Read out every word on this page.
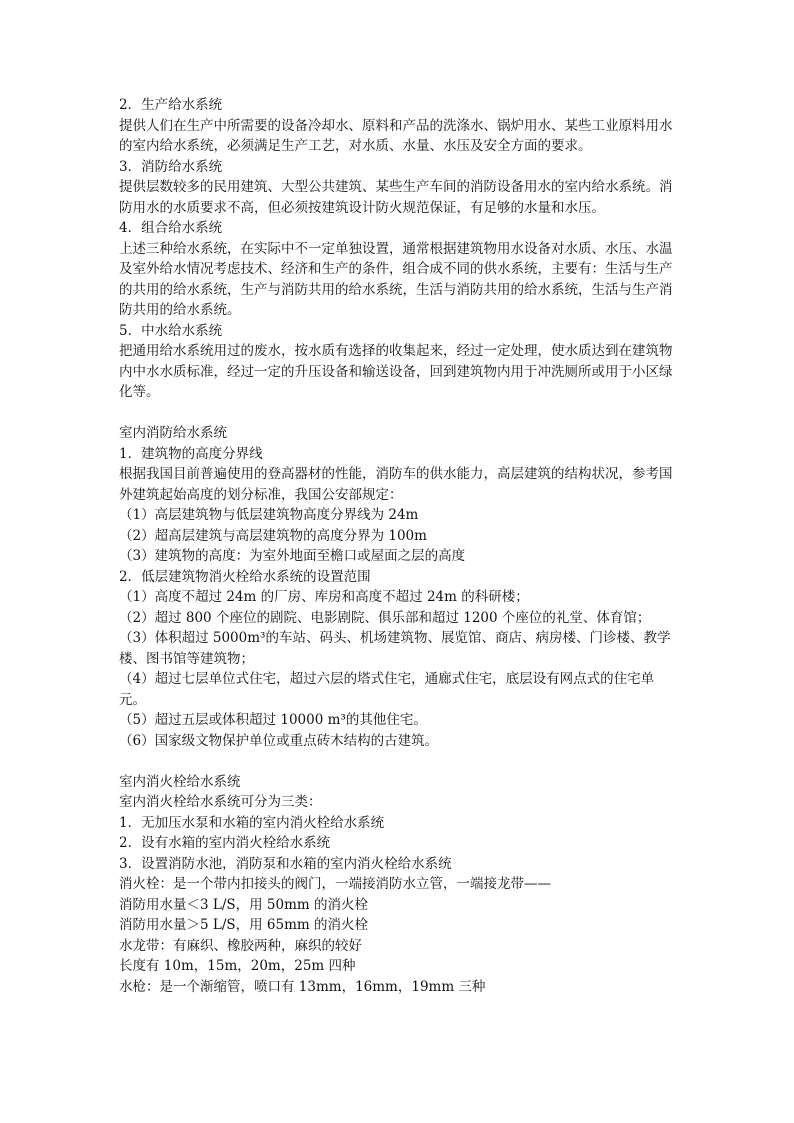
2．生产给水系统

提供人们在生产中所需要的设备冷却水、原料和产品的洗涤水、锅炉用水、某些工业原料用水的室内给水系统，必须满足生产工艺，对水质、水量、水压及安全方面的要求。

3．消防给水系统

提供层数较多的民用建筑、大型公共建筑、某些生产车间的消防设备用水的室内给水系统。消防用水的水质要求不高，但必须按建筑设计防火规范保证，有足够的水量和水压。

4．组合给水系统

上述三种给水系统，在实际中不一定单独设置，通常根据建筑物用水设备对水质、水压、水温及室外给水情况考虑技术、经济和生产的条件，组合成不同的供水系统，主要有：生活与生产的共用的给水系统，生产与消防共用的给水系统，生活与消防共用的给水系统，生活与生产消防共用的给水系统。

5．中水给水系统

把通用给水系统用过的废水，按水质有选择的收集起来，经过一定处理，使水质达到在建筑物内中水水质标准，经过一定的升压设备和输送设备，回到建筑物内用于冲洗厕所或用于小区绿化等。

室内消防给水系统

1．建筑物的高度分界线

根据我国目前普遍使用的登高器材的性能，消防车的供水能力，高层建筑的结构状况，参考国外建筑起始高度的划分标准，我国公安部规定：

（1）高层建筑物与低层建筑物高度分界线为 24m

（2）超高层建筑与高层建筑物的高度分界为 100m

（3）建筑物的高度：为室外地面至檐口或屋面之层的高度

2．低层建筑物消火栓给水系统的设置范围

（1）高度不超过 24m 的厂房、库房和高度不超过 24m 的科研楼；

（2）超过 800 个座位的剧院、电影剧院、俱乐部和超过 1200 个座位的礼堂、体育馆；

（3）体积超过 5000m³的车站、码头、机场建筑物、展览馆、商店、病房楼、门诊楼、教学楼、图书馆等建筑物；

（4）超过七层单位式住宅，超过六层的塔式住宅，通廊式住宅，底层设有网点式的住宅单元。

（5）超过五层或体积超过 10000 m³的其他住宅。

（6）国家级文物保护单位或重点砖木结构的古建筑。

室内消火栓给水系统

室内消火栓给水系统可分为三类：

1．无加压水泵和水箱的室内消火栓给水系统

2．设有水箱的室内消火栓给水系统

3．设置消防水池，消防泵和水箱的室内消火栓给水系统

消火栓：是一个带内扣接头的阀门，一端接消防水立管，一端接龙带——

消防用水量＜3 L/S，用 50mm 的消火栓

消防用水量＞5 L/S，用 65mm 的消火栓

水龙带：有麻织、橡胶两种，麻织的较好

长度有 10m，15m，20m，25m 四种

水枪：是一个渐缩管，喷口有 13mm，16mm，19mm 三种
